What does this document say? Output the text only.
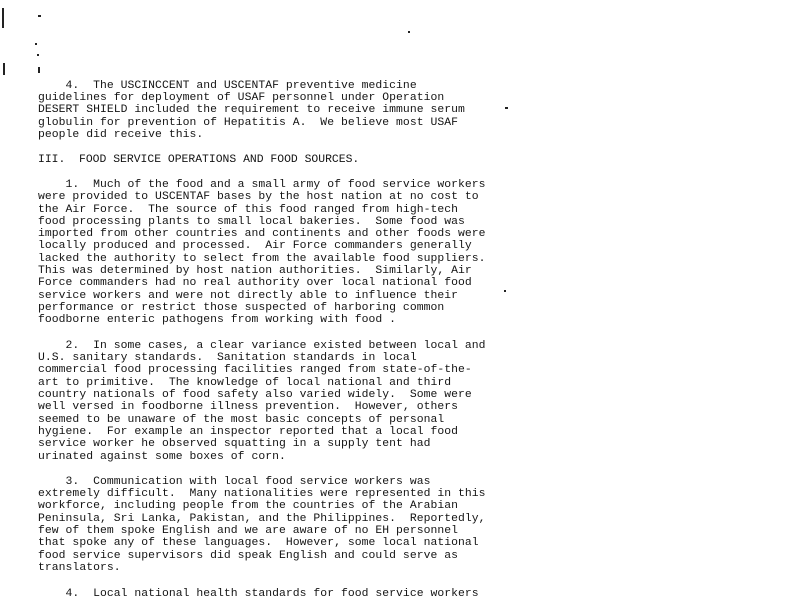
4.  The USCINCCENT and USCENTAF preventive medicine
guidelines for deployment of USAF personnel under Operation
DESERT SHIELD included the requirement to receive immune serum
globulin for prevention of Hepatitis A.  We believe most USAF
people did receive this.
III.  FOOD SERVICE OPERATIONS AND FOOD SOURCES.
1.  Much of the food and a small army of food service workers
were provided to USCENTAF bases by the host nation at no cost to
the Air Force.  The source of this food ranged from high-tech
food processing plants to small local bakeries.  Some food was
imported from other countries and continents and other foods were
locally produced and processed.  Air Force commanders generally
lacked the authority to select from the available food suppliers.
This was determined by host nation authorities.  Similarly, Air
Force commanders had no real authority over local national food
service workers and were not directly able to influence their
performance or restrict those suspected of harboring common
foodborne enteric pathogens from working with food .
2.  In some cases, a clear variance existed between local and
U.S. sanitary standards.  Sanitation standards in local
commercial food processing facilities ranged from state-of-the-
art to primitive.  The knowledge of local national and third
country nationals of food safety also varied widely.  Some were
well versed in foodborne illness prevention.  However, others
seemed to be unaware of the most basic concepts of personal
hygiene.  For example an inspector reported that a local food
service worker he observed squatting in a supply tent had
urinated against some boxes of corn.
3.  Communication with local food service workers was
extremely difficult.  Many nationalities were represented in this
workforce, including people from the countries of the Arabian
Peninsula, Sri Lanka, Pakistan, and the Philippines.  Reportedly,
few of them spoke English and we are aware of no EH personnel
that spoke any of these languages.  However, some local national
food service supervisors did speak English and could serve as
translators.
4.  Local national health standards for food service workers
